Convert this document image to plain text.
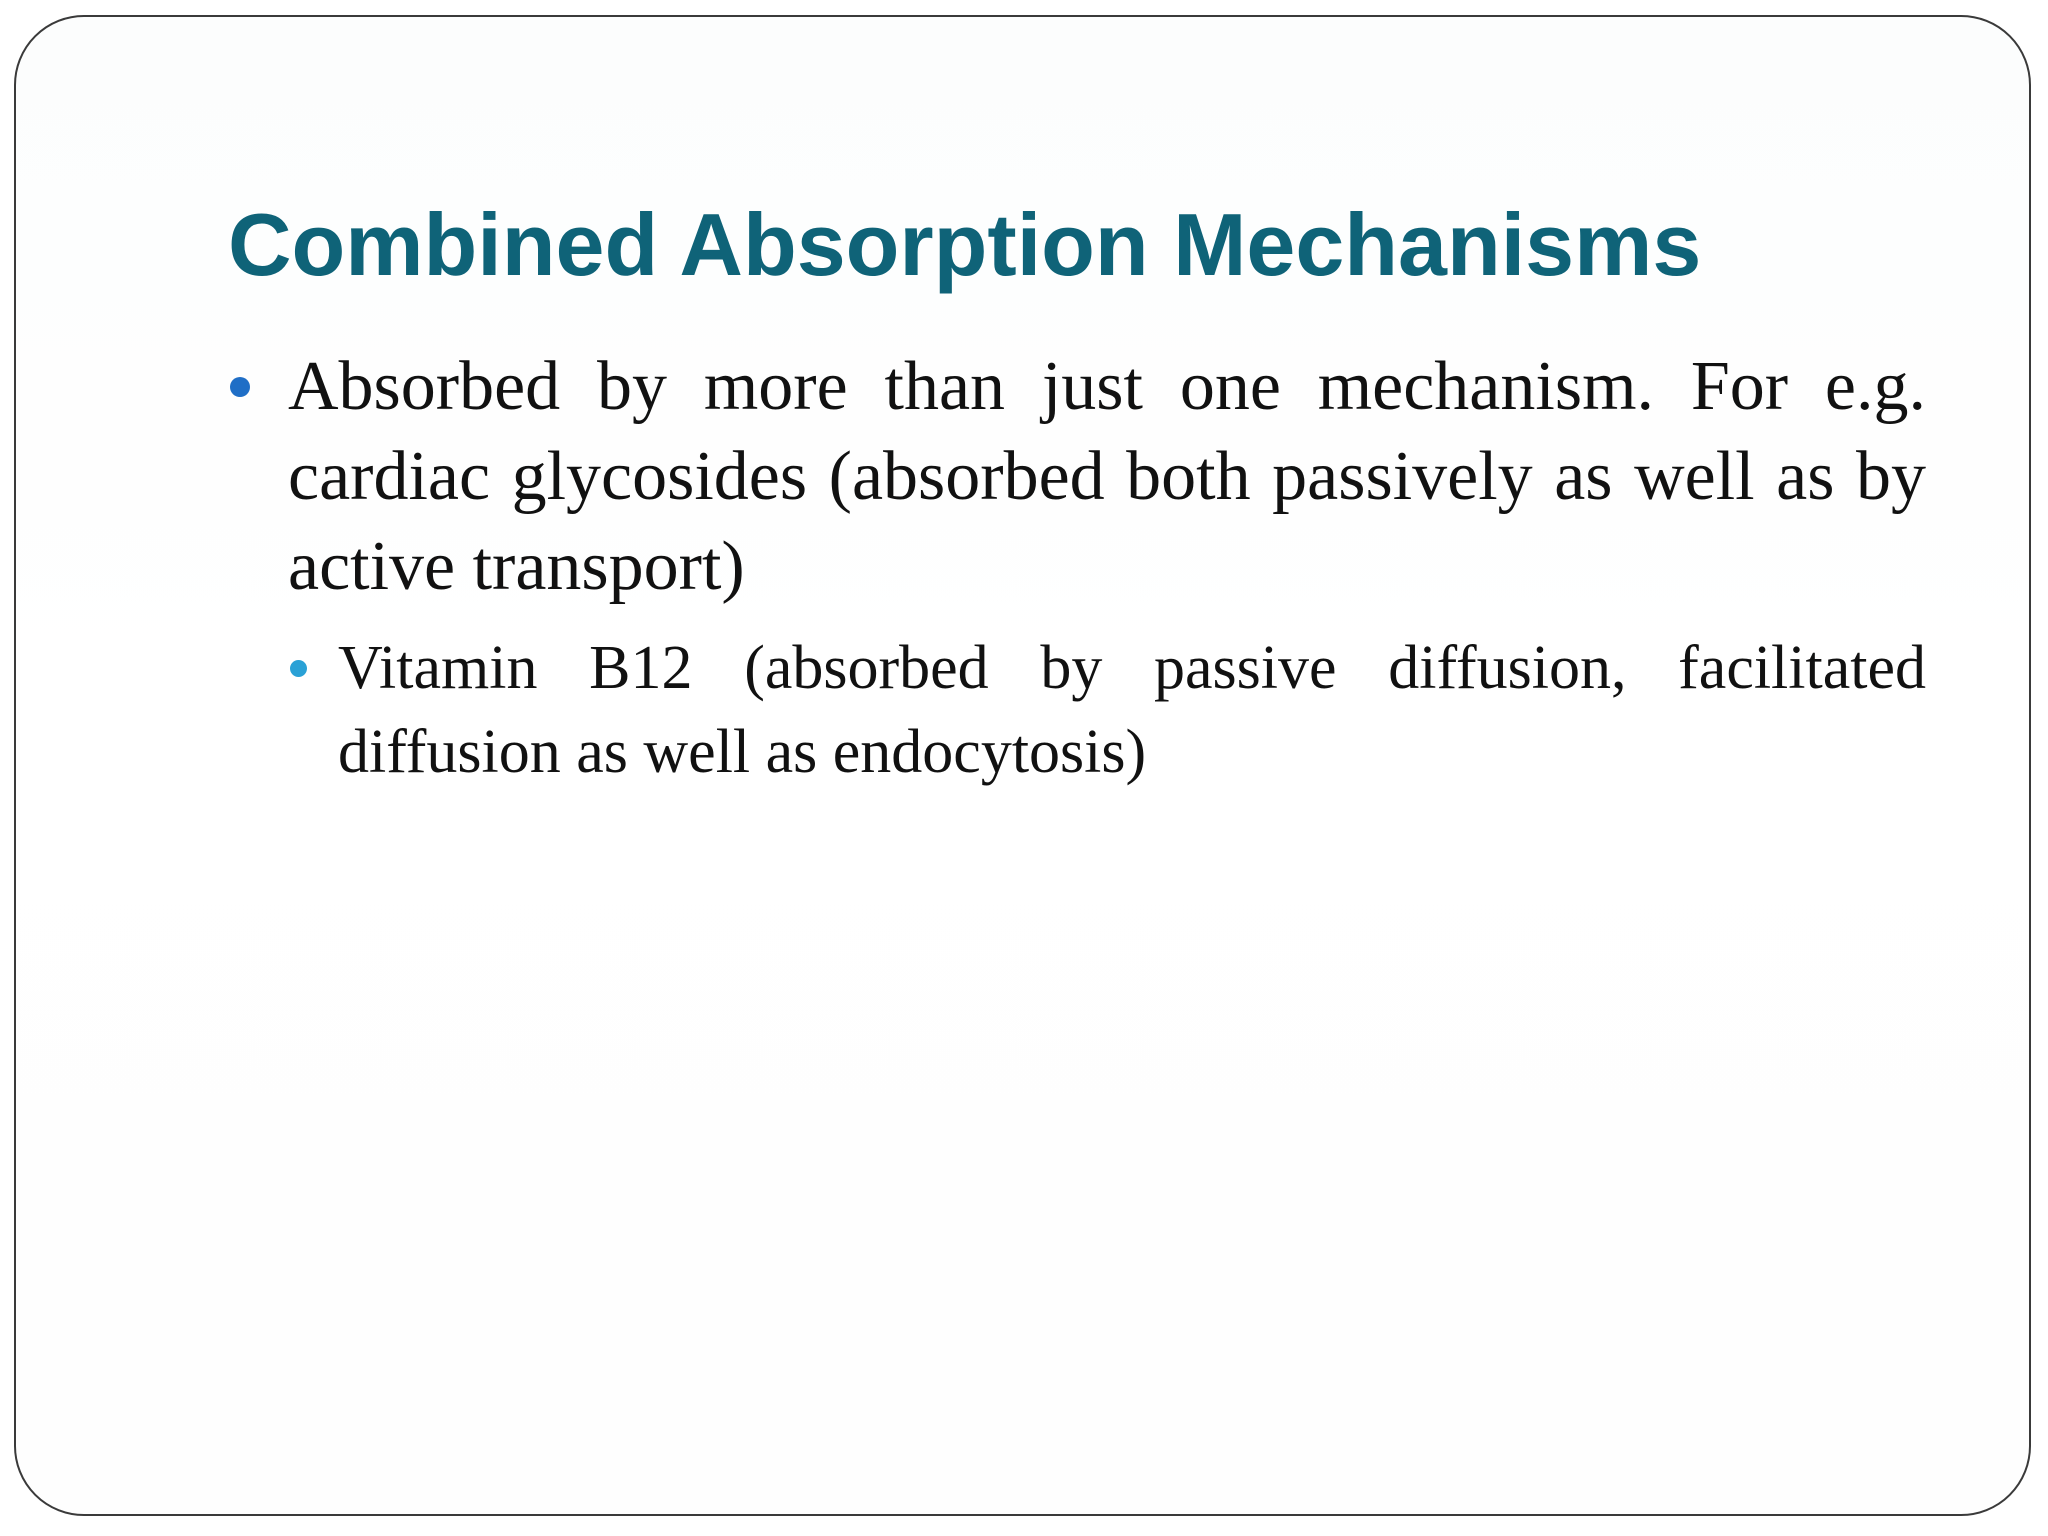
Combined Absorption Mechanisms
Absorbed by more than just one mechanism. For e.g. cardiac glycosides (absorbed both passively as well as by active transport)
Vitamin B12 (absorbed by passive diffusion, facilitated diffusion as well as endocytosis)
